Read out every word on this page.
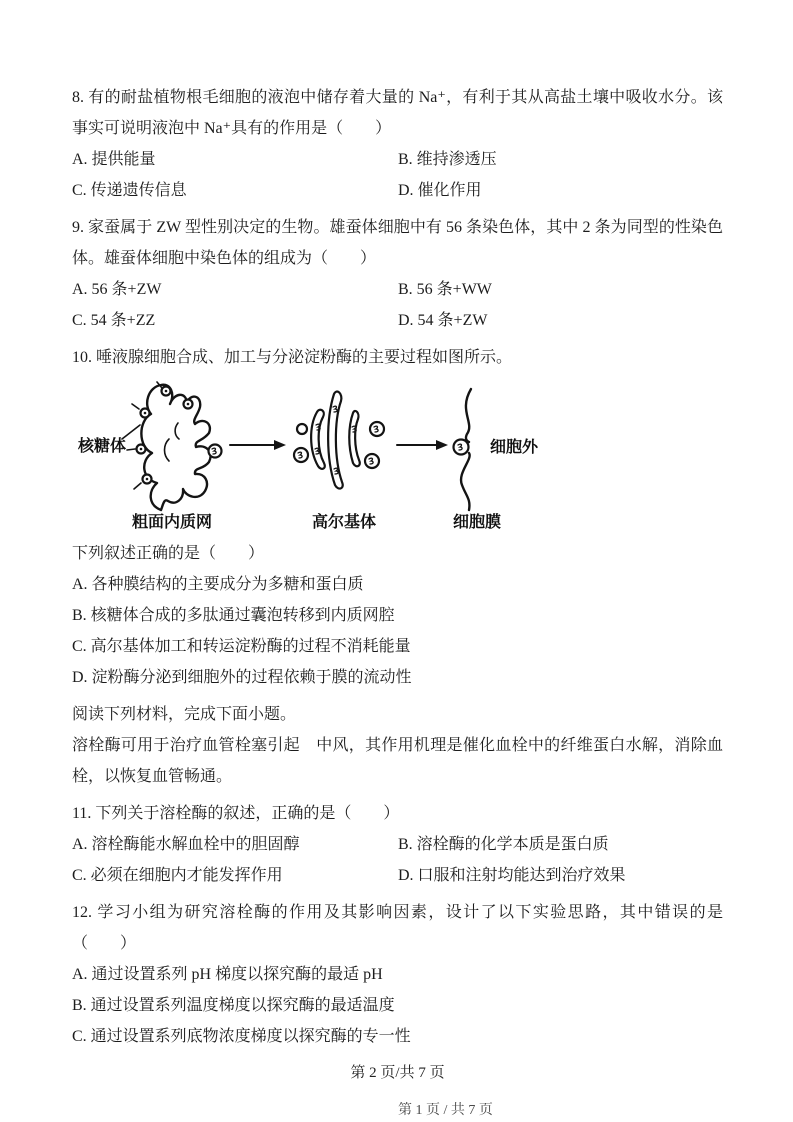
8. 有的耐盐植物根毛细胞的液泡中储存着大量的 Na⁺，有利于其从高盐土壤中吸收水分。该事实可说明液泡中 Na⁺具有的作用是（　　）

A. 提供能量	B. 维持渗透压
C. 传递遗传信息	D. 催化作用

9. 家蚕属于 ZW 型性别决定的生物。雄蚕体细胞中有 56 条染色体，其中 2 条为同型的性染色体。雄蚕体细胞中染色体的组成为（　　）

A. 56 条+ZW	B. 56 条+WW
C. 54 条+ZZ	D. 54 条+ZW

10. 唾液腺细胞合成、加工与分泌淀粉酶的主要过程如图所示。

核糖体
粗面内质网	高尔基体
细胞外
细胞膜

下列叙述正确的是（　　）

A. 各种膜结构的主要成分为多糖和蛋白质
B. 核糖体合成的多肽通过囊泡转移到内质网腔
C. 高尔基体加工和转运淀粉酶的过程不消耗能量
D. 淀粉酶分泌到细胞外的过程依赖于膜的流动性

阅读下列材料，完成下面小题。

溶栓酶可用于治疗血管栓塞引起　中风，其作用机理是催化血栓中的纤维蛋白水解，消除血栓，以恢复血管畅通。

11. 下列关于溶栓酶的叙述，正确的是（　　）

A. 溶栓酶能水解血栓中的胆固醇	B. 溶栓酶的化学本质是蛋白质
C. 必须在细胞内才能发挥作用	D. 口服和注射均能达到治疗效果

12. 学习小组为研究溶栓酶的作用及其影响因素，设计了以下实验思路，其中错误的是（　　）

A. 通过设置系列 pH 梯度以探究酶的最适 pH
B. 通过设置系列温度梯度以探究酶的最适温度
C. 通过设置系列底物浓度梯度以探究酶的专一性
第 2 页/共 7 页
第 1 页 / 共 7 页
